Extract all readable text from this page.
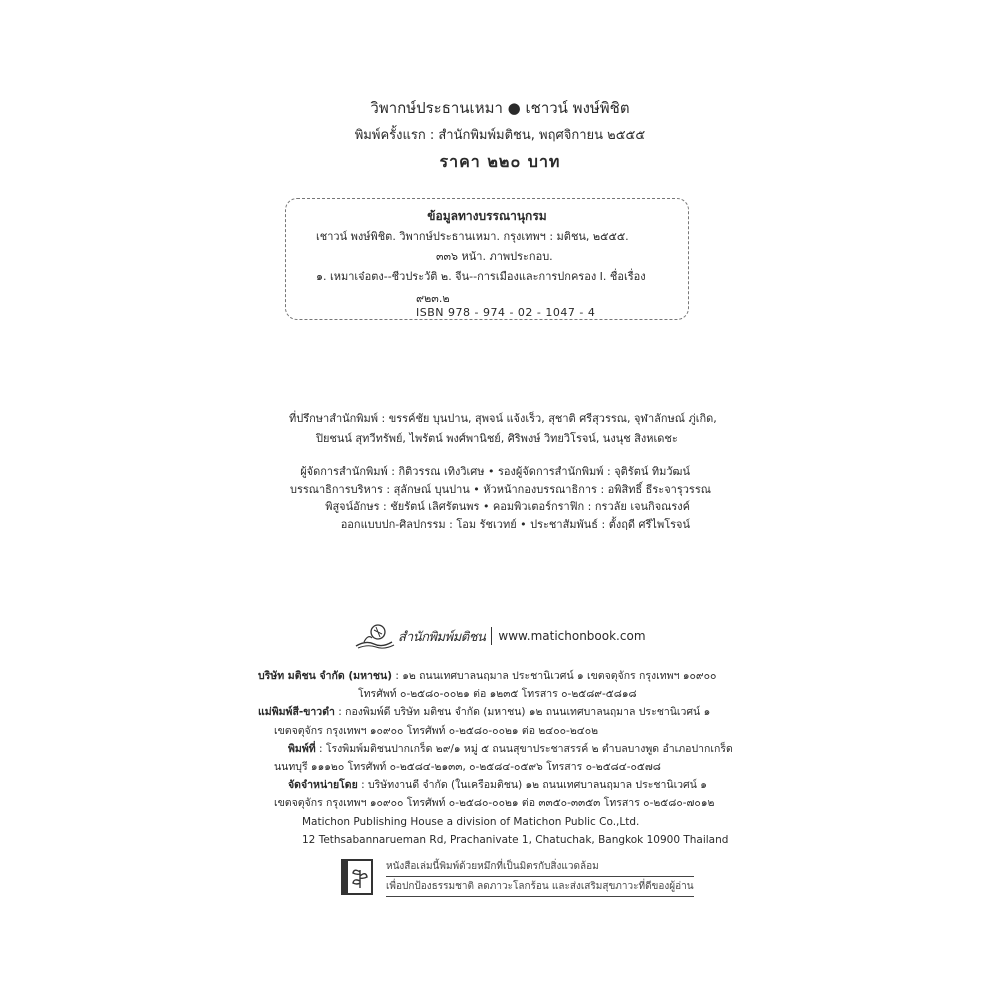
วิพากษ์ประธานเหมา ● เชาวน์ พงษ์พิชิต
พิมพ์ครั้งแรก : สำนักพิมพ์มติชน, พฤศจิกายน ๒๕๕๕
ราคา ๒๒๐ บาท
ข้อมูลทางบรรณานุกรม
เชาวน์ พงษ์พิชิต. วิพากษ์ประธานเหมา. กรุงเทพฯ : มติชน, ๒๕๕๕.
๓๓๖ หน้า. ภาพประกอบ.
๑. เหมาเจ๋อตง--ชีวประวัติ ๒. จีน--การเมืองและการปกครอง I. ชื่อเรื่อง
๙๒๓.๒
ISBN 978 - 974 - 02 - 1047 - 4
ที่ปรึกษาสำนักพิมพ์ : ขรรค์ชัย บุนปาน, สุพจน์ แจ้งเร็ว, สุชาติ ศรีสุวรรณ, จุฬาลักษณ์ ภู่เกิด,
ปิยชนน์ สุทวีทรัพย์, ไพรัตน์ พงศ์พานิชย์, ศิริพงษ์ วิทยวิโรจน์, นงนุช สิงหเดชะ
ผู้จัดการสำนักพิมพ์ : กิติวรรณ เทิงวิเศษ • รองผู้จัดการสำนักพิมพ์ : จุติรัตน์ ทิมวัฒน์
บรรณาธิการบริหาร : สุลักษณ์ บุนปาน • หัวหน้ากองบรรณาธิการ : อพิสิทธิ์ ธีระจารุวรรณ
พิสูจน์อักษร : ชัยรัตน์ เลิศรัตนพร • คอมพิวเตอร์กราฟิก : กรวลัย เจนกิจณรงค์
ออกแบบปก-ศิลปกรรม : โอม รัชเวทย์ • ประชาสัมพันธ์ : ตั้งฤดี ศรีไพโรจน์
สำนักพิมพ์มติชน www.matichonbook.com
บริษัท มติชน จำกัด (มหาชน) : ๑๒ ถนนเทศบาลนฤมาล ประชานิเวศน์ ๑ เขตจตุจักร กรุงเทพฯ ๑๐๙๐๐
โทรศัพท์ ๐-๒๕๘๐-๐๐๒๑ ต่อ ๑๒๓๕ โทรสาร ๐-๒๕๘๙-๕๘๑๘
แม่พิมพ์สี-ขาวดำ : กองพิมพ์ดี บริษัท มติชน จำกัด (มหาชน) ๑๒ ถนนเทศบาลนฤมาล ประชานิเวศน์ ๑
เขตจตุจักร กรุงเทพฯ ๑๐๙๐๐ โทรศัพท์ ๐-๒๕๘๐-๐๐๒๑ ต่อ ๒๔๐๐-๒๔๐๒
พิมพ์ที่ : โรงพิมพ์มติชนปากเกร็ด ๒๙/๑ หมู่ ๕ ถนนสุขาประชาสรรค์ ๒ ตำบลบางพูด อำเภอปากเกร็ด
นนทบุรี ๑๑๑๒๐ โทรศัพท์ ๐-๒๕๘๔-๒๑๓๓, ๐-๒๕๘๔-๐๕๙๖ โทรสาร ๐-๒๕๘๔-๐๕๗๘
จัดจำหน่ายโดย : บริษัทงานดี จำกัด (ในเครือมติชน) ๑๒ ถนนเทศบาลนฤมาล ประชานิเวศน์ ๑
เขตจตุจักร กรุงเทพฯ ๑๐๙๐๐ โทรศัพท์ ๐-๒๕๘๐-๐๐๒๑ ต่อ ๓๓๕๐-๓๓๕๓ โทรสาร ๐-๒๕๘๐-๗๐๑๒
Matichon Publishing House a division of Matichon Public Co.,Ltd.
12 Tethsabannarueman Rd, Prachanivate 1, Chatuchak, Bangkok 10900 Thailand
หนังสือเล่มนี้พิมพ์ด้วยหมึกที่เป็นมิตรกับสิ่งแวดล้อม
เพื่อปกป้องธรรมชาติ ลดภาวะโลกร้อน และส่งเสริมสุขภาวะที่ดีของผู้อ่าน
